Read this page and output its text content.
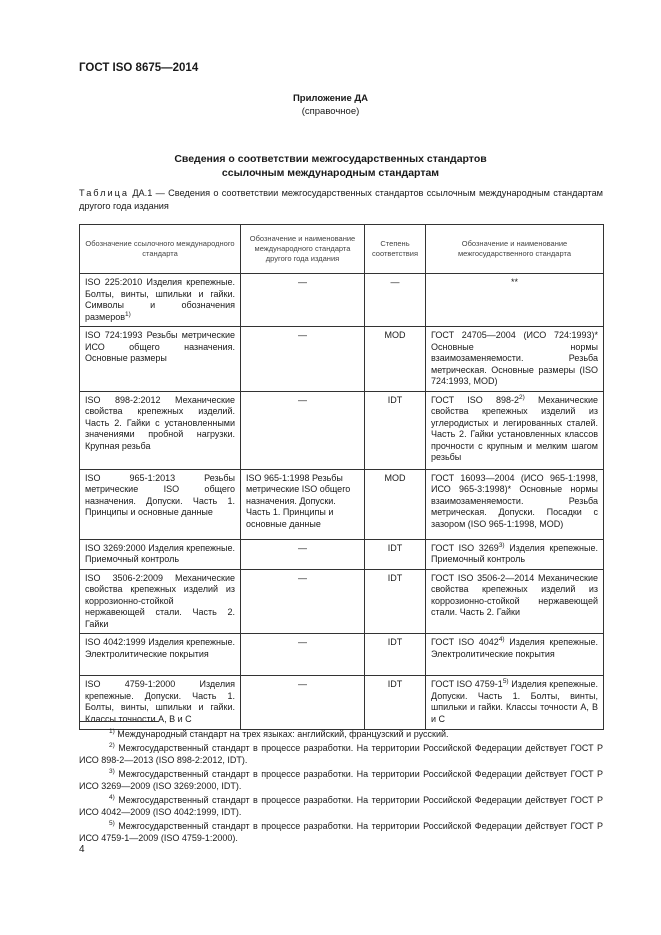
ГОСТ ISO 8675—2014
Приложение ДА
(справочное)
Сведения о соответствии межгосударственных стандартов
ссылочным международным стандартам
Таблица ДА.1 — Сведения о соответствии межгосударственных стандартов ссылочным международным стандартам другого года издания
Обозначение ссылочного международного стандарта	Обозначение и наименование международного стандарта другого года издания	Степень соответствия	Обозначение и наименование межгосударственного стандарта
ISO 225:2010 Изделия крепежные. Болты, винты, шпильки и гайки. Символы и обозначения размеров$^{1)}$	—	—	**
ISO 724:1993 Резьбы метрические ИСО общего назначения. Основные размеры	—	MOD	ГОСТ 24705—2004 (ИСО 724:1993)* Основные нормы взаимозаменяемости. Резьба метрическая. Основные размеры (ISO 724:1993, MOD)
ISO 898-2:2012 Механические свойства крепежных изделий. Часть 2. Гайки с установленными значениями пробной нагрузки. Крупная резьба	—	IDT	ГОСТ ISO 898-2$^{2)}$ Механические свойства крепежных изделий из углеродистых и легированных сталей. Часть 2. Гайки установленных классов прочности с крупным и мелким шагом резьбы
ISO 965-1:2013 Резьбы метрические ISO общего назначения. Допуски. Часть 1. Принципы и основные данные	ISO 965-1:1998 Резьбы метрические ISO общего назначения. Допуски. Часть 1. Принципы и основные данные	MOD	ГОСТ 16093—2004 (ИСО 965-1:1998, ИСО 965-3:1998)* Основные нормы взаимозаменяемости. Резьба метрическая. Допуски. Посадки с зазором (ISO 965-1:1998, MOD)
ISO 3269:2000 Изделия крепежные. Приемочный контроль	—	IDT	ГОСТ ISO 3269$^{3)}$ Изделия крепежные. Приемочный контроль
ISO 3506-2:2009 Механические свойства крепежных изделий из коррозионно-стойкой нержавеющей стали. Часть 2. Гайки	—	IDT	ГОСТ ISO 3506-2—2014 Механические свойства крепежных изделий из коррозионно-стойкой нержавеющей стали. Часть 2. Гайки
ISO 4042:1999 Изделия крепежные. Электролитические покрытия	—	IDT	ГОСТ ISO 4042$^{4)}$ Изделия крепежные. Электролитические покрытия
ISO 4759-1:2000 Изделия крепежные. Допуски. Часть 1. Болты, винты, шпильки и гайки. Классы точности А, В и С	—	IDT	ГОСТ ISO 4759-1$^{5)}$ Изделия крепежные. Допуски. Часть 1. Болты, винты, шпильки и гайки. Классы точности А, В и С
$^{1)}$ Международный стандарт на трех языках: английский, французский и русский.
$^{2)}$ Межгосударственный стандарт в процессе разработки. На территории Российской Федерации действует ГОСТ Р ИСО 898-2—2013 (ISO 898-2:2012, IDT).
$^{3)}$ Межгосударственный стандарт в процессе разработки. На территории Российской Федерации действует ГОСТ Р ИСО 3269—2009 (ISO 3269:2000, IDT).
$^{4)}$ Межгосударственный стандарт в процессе разработки. На территории Российской Федерации действует ГОСТ Р ИСО 4042—2009 (ISO 4042:1999, IDT).
$^{5)}$ Межгосударственный стандарт в процессе разработки. На территории Российской Федерации действует ГОСТ Р ИСО 4759-1—2009 (ISO 4759-1:2000).
4
